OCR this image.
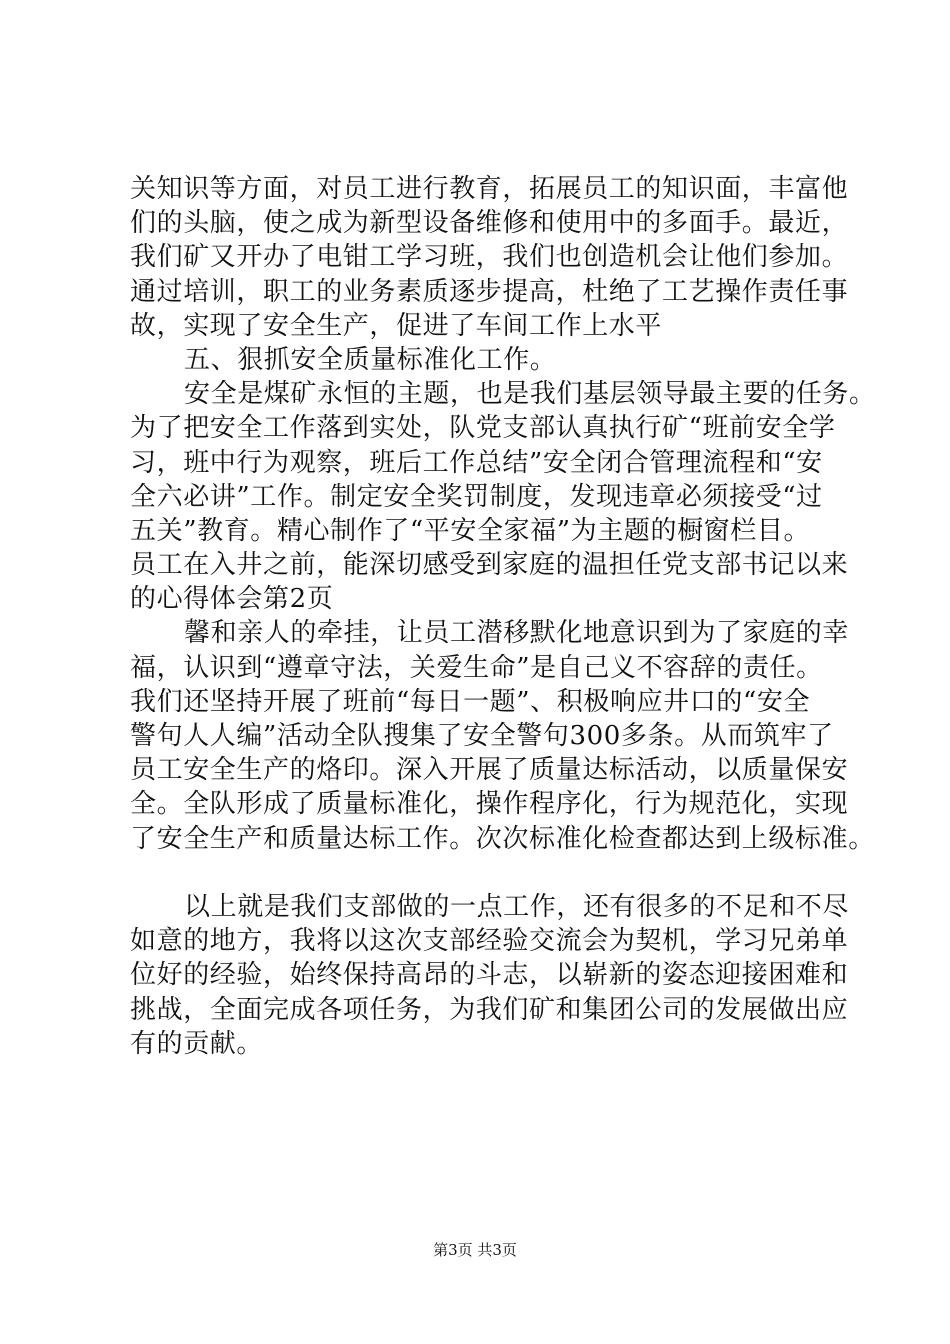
关知识等方面，对员工进行教育，拓展员工的知识面，丰富他
们的头脑，使之成为新型设备维修和使用中的多面手。最近，
我们矿又开办了电钳工学习班，我们也创造机会让他们参加。
通过培训，职工的业务素质逐步提高，杜绝了工艺操作责任事
故，实现了安全生产，促进了车间工作上水平
五、狠抓安全质量标准化工作。
安全是煤矿永恒的主题，也是我们基层领导最主要的任务。
为了把安全工作落到实处，队党支部认真执行矿“班前安全学
习，班中行为观察，班后工作总结”安全闭合管理流程和“安
全六必讲”工作。制定安全奖罚制度，发现违章必须接受“过
五关”教育。精心制作了“平安全家福”为主题的橱窗栏目。
员工在入井之前，能深切感受到家庭的温担任党支部书记以来
的心得体会第2页
馨和亲人的牵挂，让员工潜移默化地意识到为了家庭的幸
福，认识到“遵章守法，关爱生命”是自己义不容辞的责任。
我们还坚持开展了班前“每日一题”、积极响应井口的“安全
警句人人编”活动全队搜集了安全警句300多条。从而筑牢了
员工安全生产的烙印。深入开展了质量达标活动，以质量保安
全。全队形成了质量标准化，操作程序化，行为规范化，实现
了安全生产和质量达标工作。次次标准化检查都达到上级标准。
以上就是我们支部做的一点工作，还有很多的不足和不尽
如意的地方，我将以这次支部经验交流会为契机，学习兄弟单
位好的经验，始终保持高昂的斗志，以崭新的姿态迎接困难和
挑战，全面完成各项任务，为我们矿和集团公司的发展做出应
有的贡献。
第3页 共3页
